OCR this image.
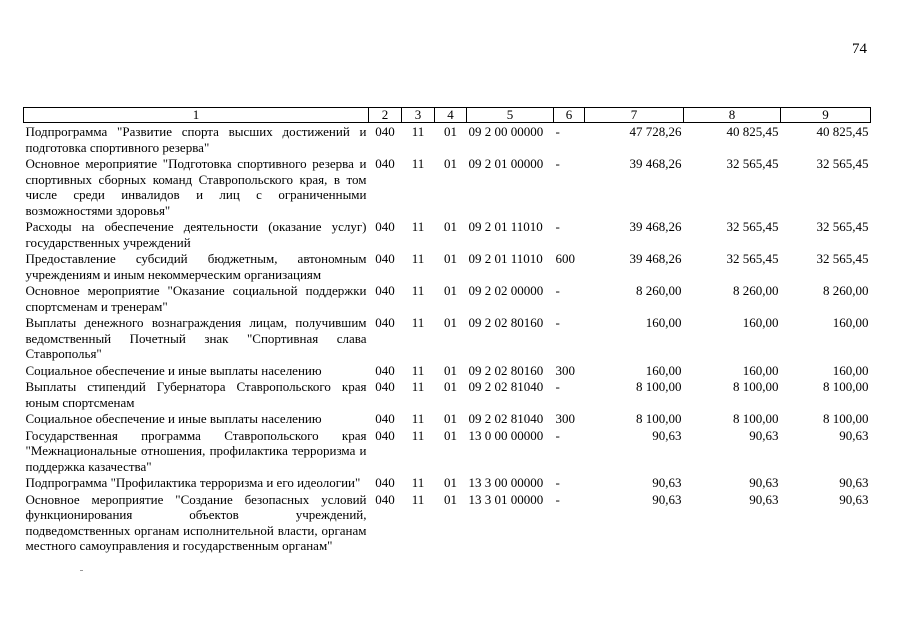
74
1	2	3	4	5	6	7	8	9
Подпрограмма "Развитие спорта высших достижений и подготовка спортивного резерва"	040	11	01	09 2 00 00000	-	47 728,26	40 825,45	40 825,45
Основное мероприятие "Подготовка спортивного резерва и спортивных сборных команд Ставропольского края, в том числе среди инвалидов и лиц с ограниченными возможностями здоровья"	040	11	01	09 2 01 00000	-	39 468,26	32 565,45	32 565,45
Расходы на обеспечение деятельности (оказание услуг) государственных учреждений	040	11	01	09 2 01 11010	-	39 468,26	32 565,45	32 565,45
Предоставление субсидий бюджетным, автономным учреждениям и иным некоммерческим организациям	040	11	01	09 2 01 11010	600	39 468,26	32 565,45	32 565,45
Основное мероприятие "Оказание социальной поддержки спортсменам и тренерам"	040	11	01	09 2 02 00000	-	8 260,00	8 260,00	8 260,00
Выплаты денежного вознаграждения лицам, получившим ведомственный Почетный знак "Спортивная слава Ставрополья"	040	11	01	09 2 02 80160	-	160,00	160,00	160,00
Социальное обеспечение и иные выплаты населению	040	11	01	09 2 02 80160	300	160,00	160,00	160,00
Выплаты стипендий Губернатора Ставропольского края юным спортсменам	040	11	01	09 2 02 81040	-	8 100,00	8 100,00	8 100,00
Социальное обеспечение и иные выплаты населению	040	11	01	09 2 02 81040	300	8 100,00	8 100,00	8 100,00
Государственная программа Ставропольского края "Межнациональные отношения, профилактика терроризма и поддержка казачества"	040	11	01	13 0 00 00000	-	90,63	90,63	90,63
Подпрограмма "Профилактика терроризма и его идеологии"	040	11	01	13 3 00 00000	-	90,63	90,63	90,63
Основное мероприятие "Создание безопасных условий функционирования объектов учреждений, подведомственных органам исполнительной власти, органам местного самоуправления и государственным органам"	040	11	01	13 3 01 00000	-	90,63	90,63	90,63
